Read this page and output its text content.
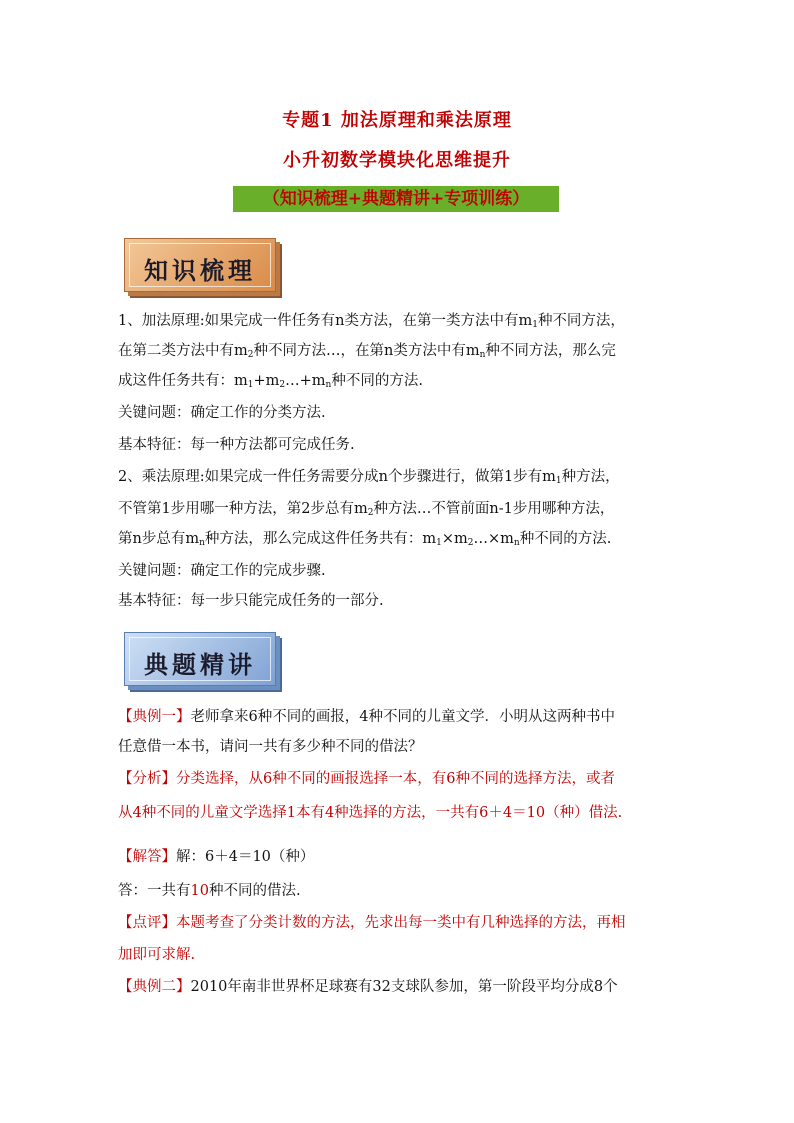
专题1 加法原理和乘法原理
小升初数学模块化思维提升
（知识梳理+典题精讲+专项训练）
知识梳理
1、加法原理:如果完成一件任务有n类方法，在第一类方法中有$m_1$种不同方法，
在第二类方法中有$m_2$种不同方法…，在第n类方法中有$m_n$种不同方法，那么完
成这件任务共有：$m_1+m_2\dots+m_n$种不同的方法.
关键问题：确定工作的分类方法.
基本特征：每一种方法都可完成任务.
2、乘法原理:如果完成一件任务需要分成n个步骤进行，做第1步有$m_1$种方法，
不管第1步用哪一种方法，第2步总有$m_2$种方法…不管前面n-1步用哪种方法，
第n步总有$m_n$种方法，那么完成这件任务共有：$m_1\times m_2\dots\times m_n$种不同的方法.
关键问题：确定工作的完成步骤.
基本特征：每一步只能完成任务的一部分.
典题精讲
【典例一】老师拿来6种不同的画报，4种不同的儿童文学．小明从这两种书中
任意借一本书，请问一共有多少种不同的借法？
【分析】分类选择，从6种不同的画报选择一本，有6种不同的选择方法，或者
从4种不同的儿童文学选择1本有4种选择的方法，一共有6＋4＝10（种）借法.
【解答】解：6＋4＝10（种）
答：一共有10种不同的借法.
【点评】本题考查了分类计数的方法，先求出每一类中有几种选择的方法，再相
加即可求解.
【典例二】2010年南非世界杯足球赛有32支球队参加，第一阶段平均分成8个
